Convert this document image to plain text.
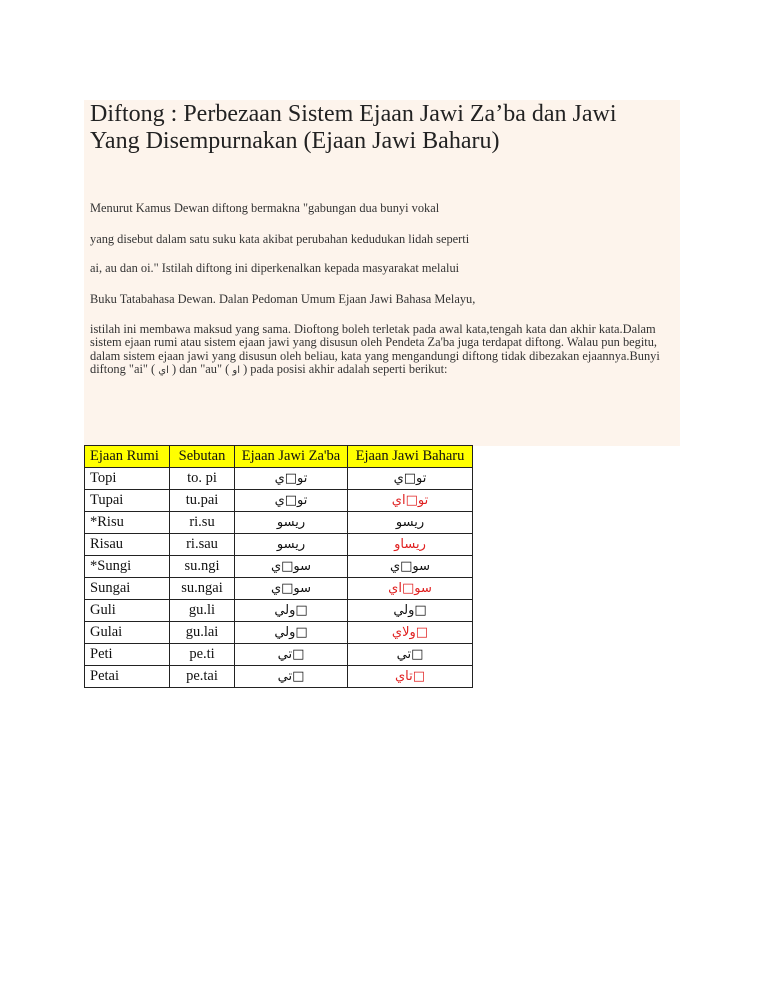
Diftong : Perbezaan Sistem Ejaan Jawi Za’ba dan Jawi Yang Disempurnakan (Ejaan Jawi Baharu)

Menurut Kamus Dewan diftong bermakna "gabungan dua bunyi vokal

yang disebut dalam satu suku kata akibat perubahan kedudukan lidah seperti

ai, au dan oi." Istilah diftong ini diperkenalkan kepada masyarakat melalui

Buku Tatabahasa Dewan. Dalan Pedoman Umum Ejaan Jawi Bahasa Melayu,

istilah ini membawa maksud yang sama. Dioftong boleh terletak pada awal kata,tengah kata dan akhir kata.Dalam sistem ejaan rumi atau sistem ejaan jawi yang disusun oleh Pendeta Za'ba juga terdapat diftong. Walau pun begitu, dalam sistem ejaan jawi yang disusun oleh beliau, kata yang mengandungi diftong tidak dibezakan ejaannya.Bunyi diftong "ai" ( اي ) dan "au" ( او ) pada posisi akhir adalah seperti berikut:

Ejaan Rumi	Sebutan	Ejaan Jawi Za'ba	Ejaan Jawi Baharu
Topi	to. pi	تو□ي	تو□ي
Tupai	tu.pai	تو□ي	تو□اي
*Risu	ri.su	ريسو	ريسو
Risau	ri.sau	ريسو	ريساو
*Sungi	su.ngi	سو□ي	سو□ي
Sungai	su.ngai	سو□ي	سو□اي
Guli	gu.li	□ولي	□ولي
Gulai	gu.lai	□ولي	□ولاي
Peti	pe.ti	□تي	□تي
Petai	pe.tai	□تي	□تاي
